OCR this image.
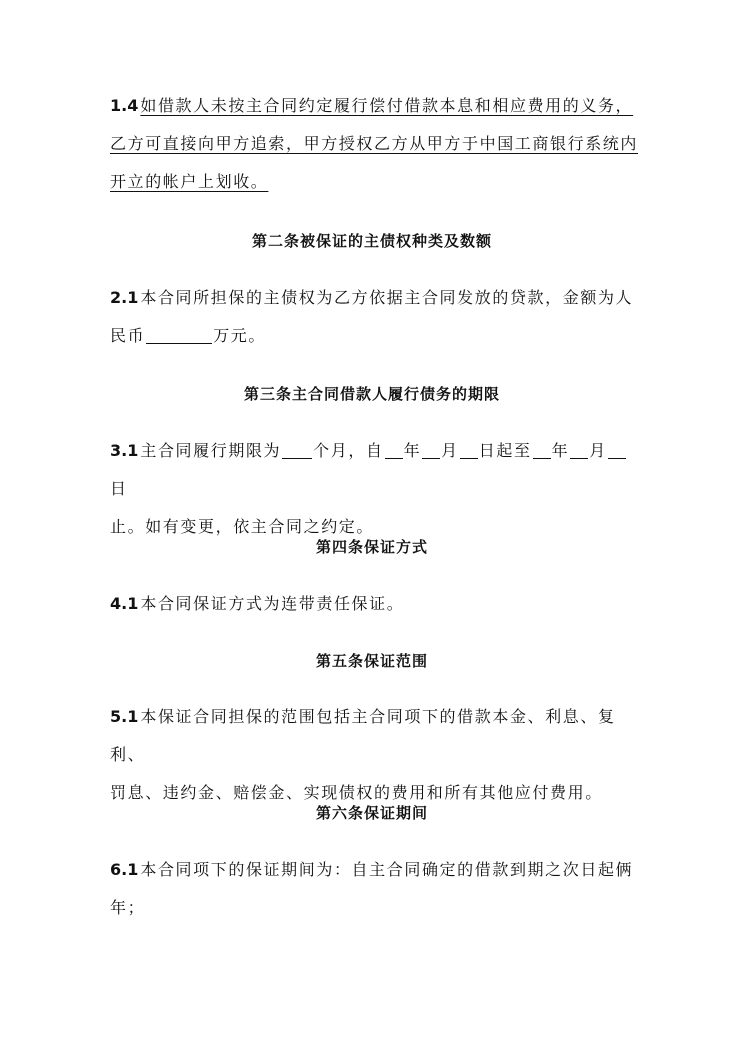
1.4 如借款人未按主合同约定履行偿付借款本息和相应费用的义务，
乙方可直接向甲方追索，甲方授权乙方从甲方于中国工商银行系统内
开立的帐户上划收。

第二条被保证的主债权种类及数额

2.1 本合同所担保的主债权为乙方依据主合同发放的贷款，金额为人
民币	万元。

第三条主合同借款人履行债务的期限

3.1 主合同履行期限为 个月，自 年 月 日起至 年 月日
止。如有变更，依主合同之约定。

第四条保证方式

4.1 本合同保证方式为连带责任保证。

第五条保证范围

5.1 本保证合同担保的范围包括主合同项下的借款本金、利息、复利、
罚息、违约金、赔偿金、实现债权的费用和所有其他应付费用。

第六条保证期间

6.1 本合同项下的保证期间为：自主合同确定的借款到期之次日起俩
年；
